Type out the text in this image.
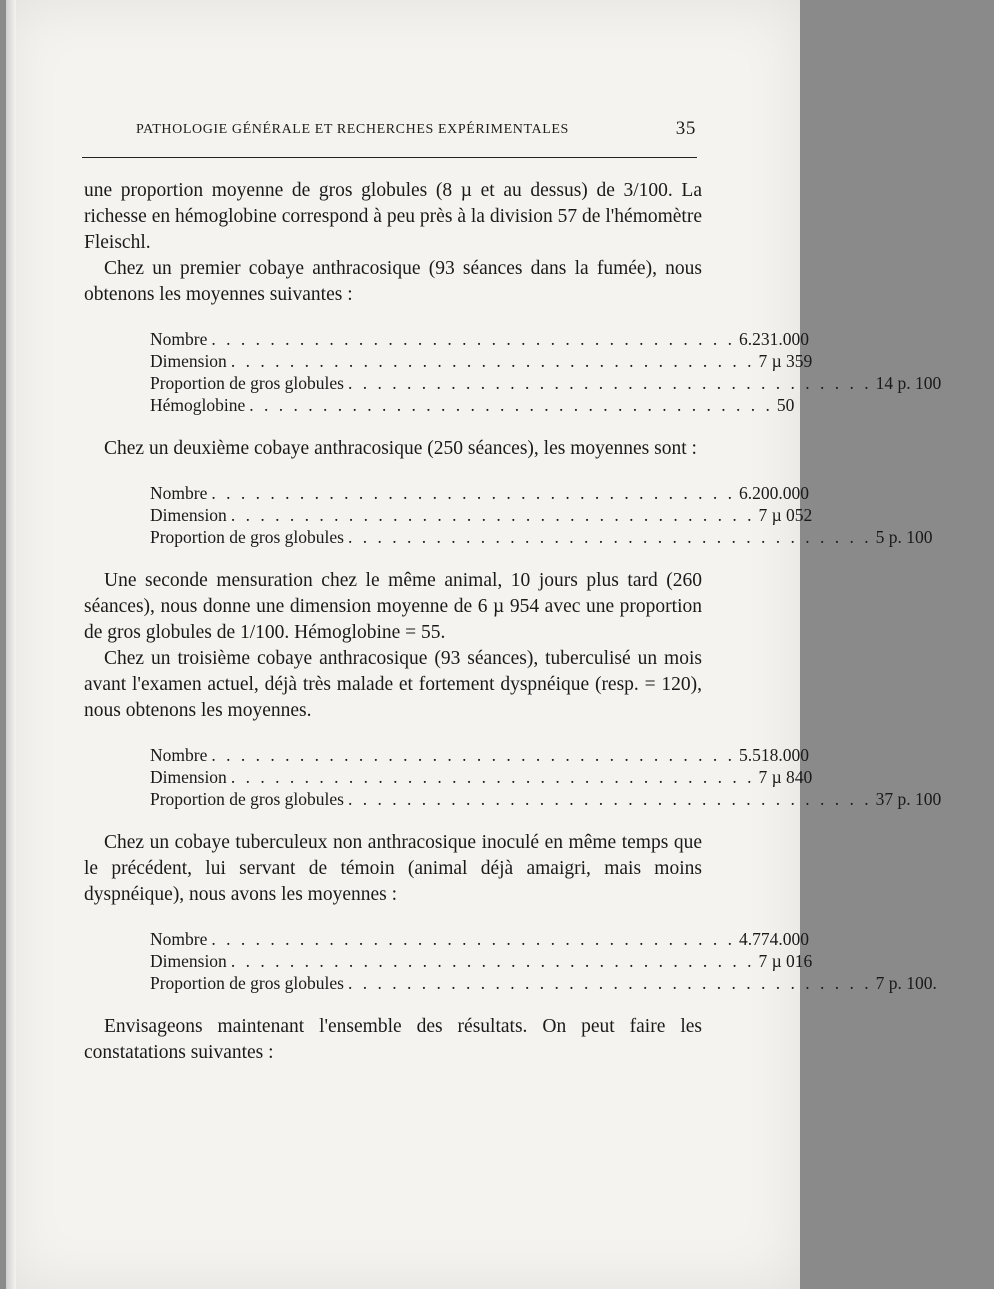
PATHOLOGIE GÉNÉRALE ET RECHERCHES EXPÉRIMENTALES	35

une proportion moyenne de gros globules (8 µ et au dessus) de 3/100. La richesse en hémoglobine correspond à peu près à la division 57 de l'hémomètre Fleischl.

Chez un premier cobaye anthracosique (93 séances dans la fumée), nous obtenons les moyennes suivantes :

Nombre . . . . . . . . . . . . . . . . . . . . . . . . . . . . . . . . . . . . 6.231.000
Dimension . . . . . . . . . . . . . . . . . . . . . . . . . . . . . . . . . . . . 7 µ 359
Proportion de gros globules . . . . . . . . . . . . . . . . . . . . . . . . . . . . . . . . . . . . 14 p. 100
Hémoglobine . . . . . . . . . . . . . . . . . . . . . . . . . . . . . . . . . . . . 50

Chez un deuxième cobaye anthracosique (250 séances), les moyennes sont :

Nombre . . . . . . . . . . . . . . . . . . . . . . . . . . . . . . . . . . . . 6.200.000
Dimension . . . . . . . . . . . . . . . . . . . . . . . . . . . . . . . . . . . . 7 µ 052
Proportion de gros globules . . . . . . . . . . . . . . . . . . . . . . . . . . . . . . . . . . . . 5 p. 100

Une seconde mensuration chez le même animal, 10 jours plus tard (260 séances), nous donne une dimension moyenne de 6 µ 954 avec une proportion de gros globules de 1/100. Hémoglobine = 55.

Chez un troisième cobaye anthracosique (93 séances), tuberculisé un mois avant l'examen actuel, déjà très malade et fortement dyspnéique (resp. = 120), nous obtenons les moyennes.

Nombre . . . . . . . . . . . . . . . . . . . . . . . . . . . . . . . . . . . . 5.518.000
Dimension . . . . . . . . . . . . . . . . . . . . . . . . . . . . . . . . . . . . 7 µ 840
Proportion de gros globules . . . . . . . . . . . . . . . . . . . . . . . . . . . . . . . . . . . . 37 p. 100

Chez un cobaye tuberculeux non anthracosique inoculé en même temps que le précédent, lui servant de témoin (animal déjà amaigri, mais moins dyspnéique), nous avons les moyennes :

Nombre . . . . . . . . . . . . . . . . . . . . . . . . . . . . . . . . . . . . 4.774.000
Dimension . . . . . . . . . . . . . . . . . . . . . . . . . . . . . . . . . . . . 7 µ 016
Proportion de gros globules . . . . . . . . . . . . . . . . . . . . . . . . . . . . . . . . . . . . 7 p. 100.

Envisageons maintenant l'ensemble des résultats. On peut faire les constatations suivantes :
